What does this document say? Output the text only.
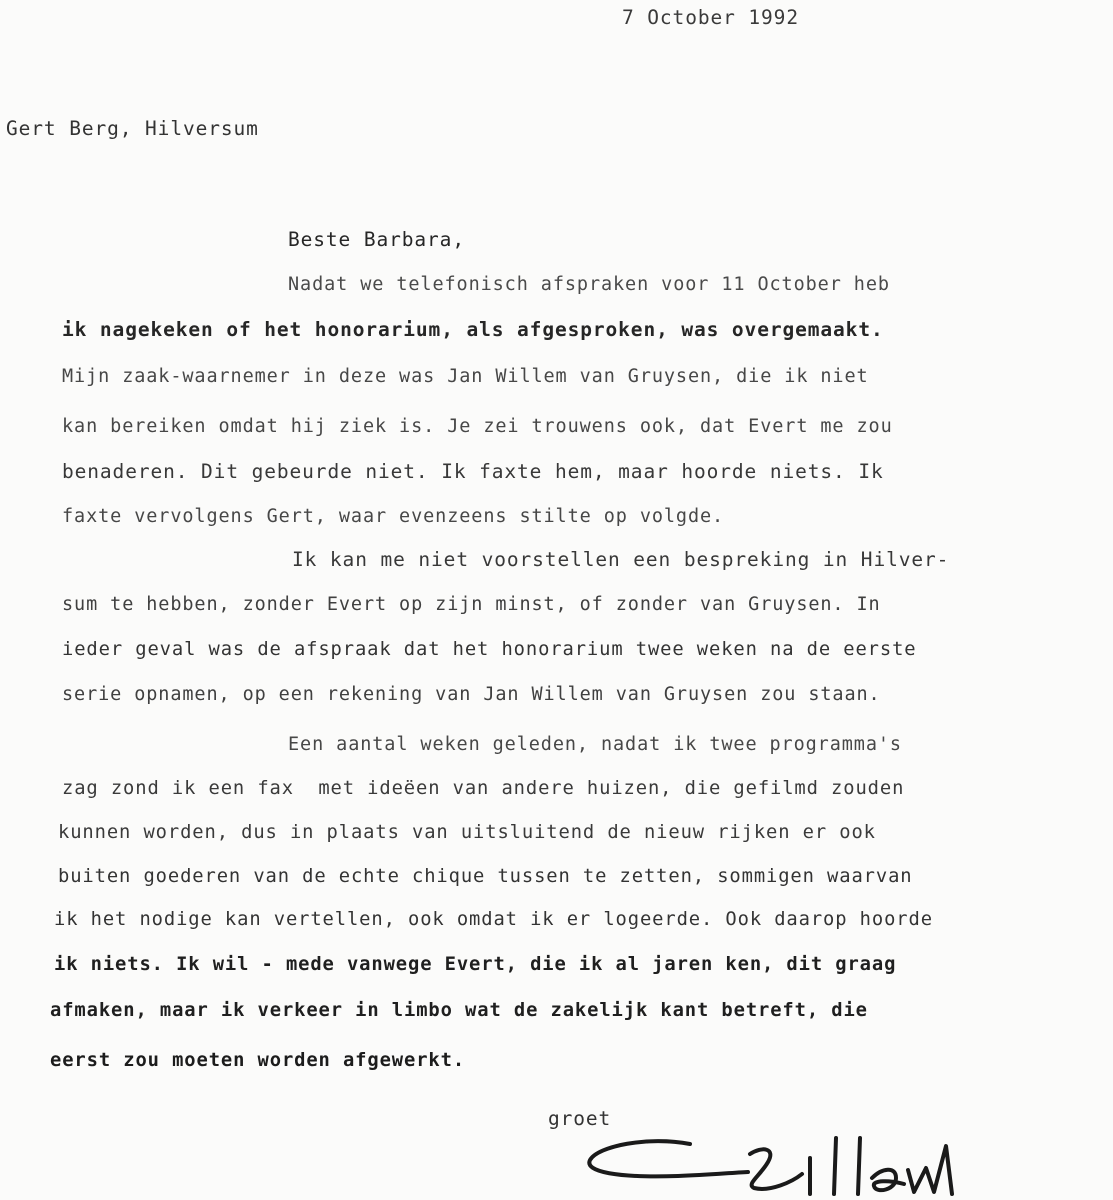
7 October 1992
Gert Berg, Hilversum
Beste Barbara,
Nadat we telefonisch afspraken voor 11 October heb
ik nagekeken of het honorarium, als afgesproken, was overgemaakt.
Mijn zaak-waarnemer in deze was Jan Willem van Gruysen, die ik niet
kan bereiken omdat hij ziek is. Je zei trouwens ook, dat Evert me zou
benaderen. Dit gebeurde niet. Ik faxte hem, maar hoorde niets. Ik
faxte vervolgens Gert, waar evenzeens stilte op volgde.
Ik kan me niet voorstellen een bespreking in Hilver-
sum te hebben, zonder Evert op zijn minst, of zonder van Gruysen. In
ieder geval was de afspraak dat het honorarium twee weken na de eerste
serie opnamen, op een rekening van Jan Willem van Gruysen zou staan.
Een aantal weken geleden, nadat ik twee programma's
zag zond ik een fax  met ideëen van andere huizen, die gefilmd zouden
kunnen worden, dus in plaats van uitsluitend de nieuw rijken er ook
buiten goederen van de echte chique tussen te zetten, sommigen waarvan
ik het nodige kan vertellen, ook omdat ik er logeerde. Ook daarop hoorde
ik niets. Ik wil - mede vanwege Evert, die ik al jaren ken, dit graag
afmaken, maar ik verkeer in limbo wat de zakelijk kant betreft, die
eerst zou moeten worden afgewerkt.
groet
